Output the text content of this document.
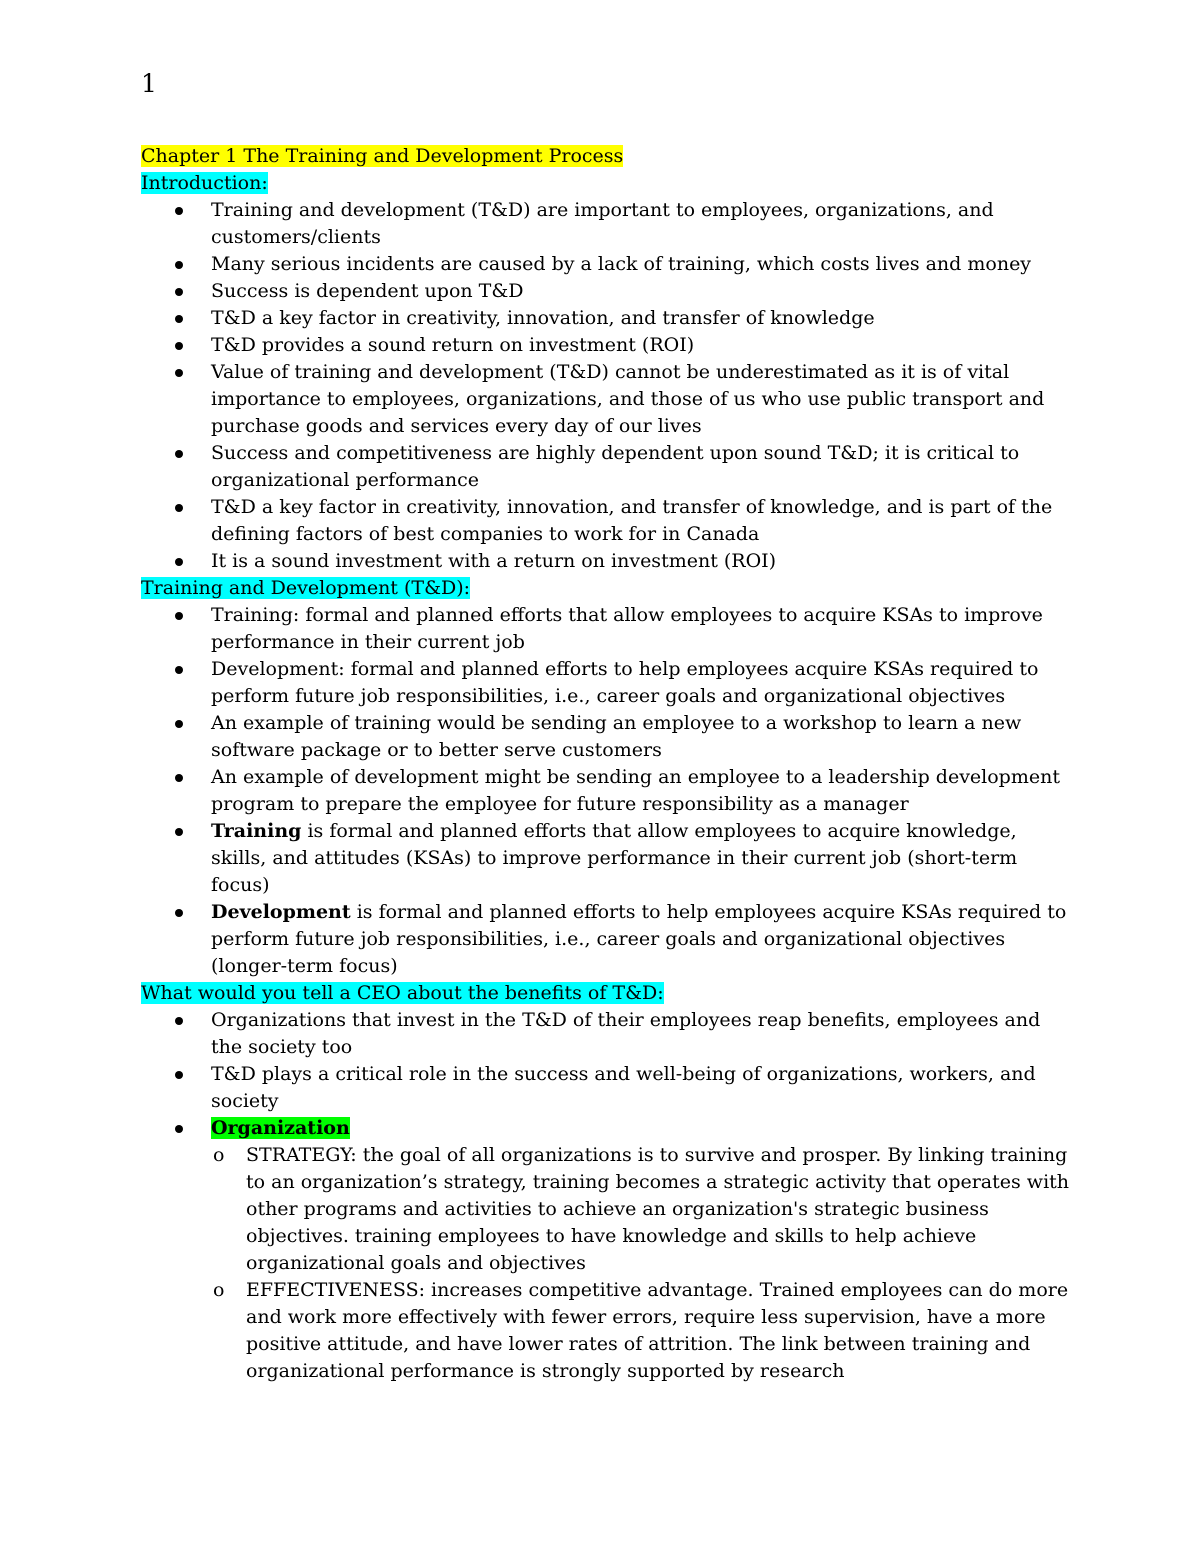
1
Chapter 1 The Training and Development Process
Introduction:
Training and development (T&D) are important to employees, organizations, and customers/clients
Many serious incidents are caused by a lack of training, which costs lives and money
Success is dependent upon T&D
T&D a key factor in creativity, innovation, and transfer of knowledge
T&D provides a sound return on investment (ROI)
Value of training and development (T&D) cannot be underestimated as it is of vital importance to employees, organizations, and those of us who use public transport and purchase goods and services every day of our lives
Success and competitiveness are highly dependent upon sound T&D; it is critical to organizational performance
T&D a key factor in creativity, innovation, and transfer of knowledge, and is part of the defining factors of best companies to work for in Canada
It is a sound investment with a return on investment (ROI)
Training and Development (T&D):
Training: formal and planned efforts that allow employees to acquire KSAs to improve performance in their current job
Development: formal and planned efforts to help employees acquire KSAs required to perform future job responsibilities, i.e., career goals and organizational objectives
An example of training would be sending an employee to a workshop to learn a new software package or to better serve customers
An example of development might be sending an employee to a leadership development program to prepare the employee for future responsibility as a manager
Training is formal and planned efforts that allow employees to acquire knowledge, skills, and attitudes (KSAs) to improve performance in their current job (short-term focus)
Development is formal and planned efforts to help employees acquire KSAs required to perform future job responsibilities, i.e., career goals and organizational objectives (longer-term focus)
What would you tell a CEO about the benefits of T&D:
Organizations that invest in the T&D of their employees reap benefits, employees and the society too
T&D plays a critical role in the success and well-being of organizations, workers, and society
Organization
o STRATEGY: the goal of all organizations is to survive and prosper. By linking training to an organization’s strategy, training becomes a strategic activity that operates with other programs and activities to achieve an organization's strategic business objectives. training employees to have knowledge and skills to help achieve organizational goals and objectives
o EFFECTIVENESS: increases competitive advantage. Trained employees can do more and work more effectively with fewer errors, require less supervision, have a more positive attitude, and have lower rates of attrition. The link between training and organizational performance is strongly supported by research
